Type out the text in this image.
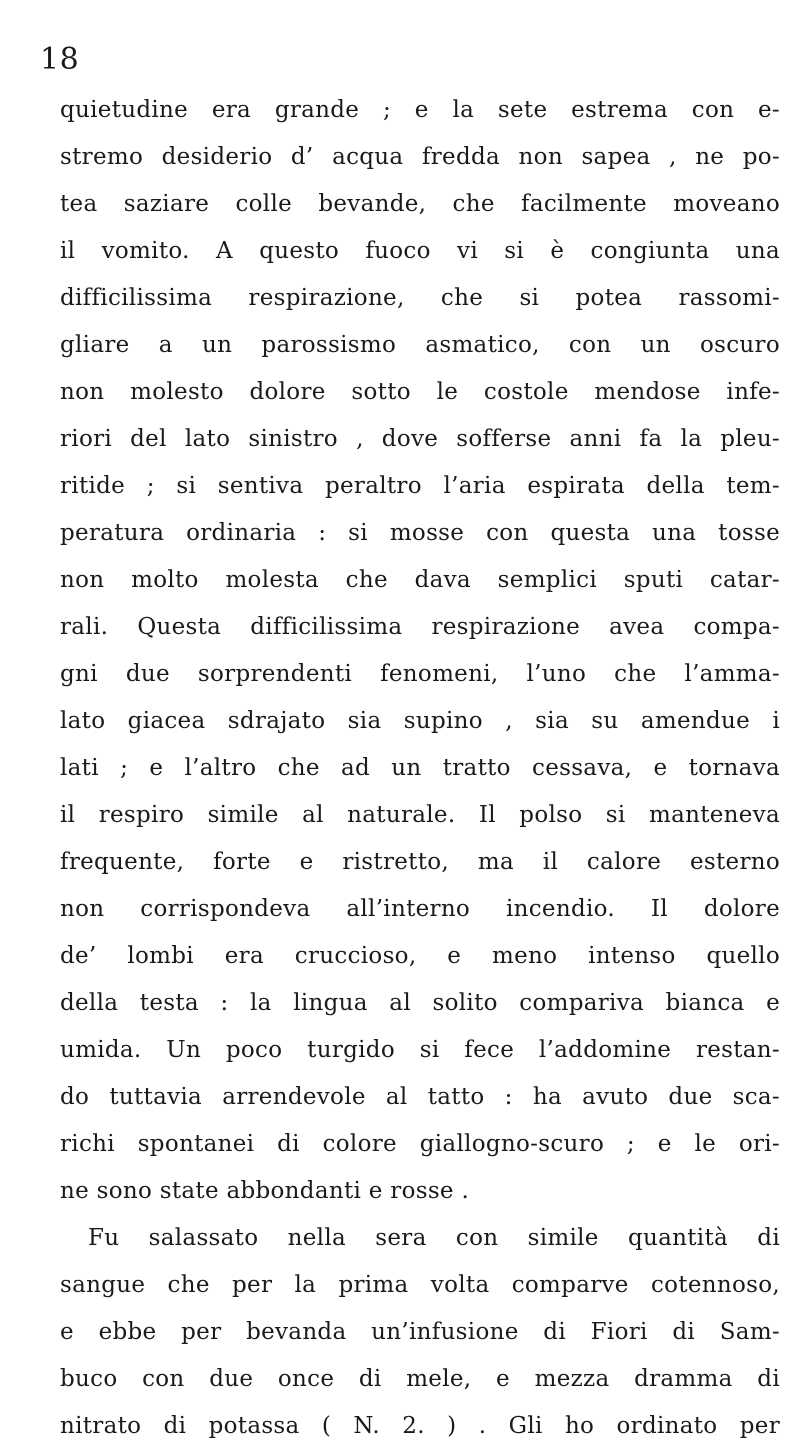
18
quietudine era grande ; e la sete estrema con e-
stremo desiderio d’ acqua fredda non sapea , ne po-
tea saziare colle bevande, che facilmente moveano
il vomito. A questo fuoco vi si è congiunta una
difficilissima respirazione, che si potea rassomi-
gliare a un parossismo asmatico, con un oscuro
non molesto dolore sotto le costole mendose infe-
riori del lato sinistro , dove sofferse anni fa la pleu-
ritide ; si sentiva peraltro l’aria espirata della tem-
peratura ordinaria : si mosse con questa una tosse
non molto molesta che dava semplici sputi catar-
rali. Questa difficilissima respirazione avea compa-
gni due sorprendenti fenomeni, l’uno che l’amma-
lato giacea sdrajato sia supino , sia su amendue i
lati ; e l’altro che ad un tratto cessava, e tornava
il respiro simile al naturale. Il polso si manteneva
frequente, forte e ristretto, ma il calore esterno
non corrispondeva all’interno incendio. Il dolore
de’ lombi era cruccioso, e meno intenso quello
della testa : la lingua al solito compariva bianca e
umida. Un poco turgido si fece l’addomine restan-
do tuttavia arrendevole al tatto : ha avuto due sca-
richi spontanei di colore giallogno-scuro ; e le ori-
ne sono state abbondanti e rosse .
Fu salassato nella sera con simile quantità di
sangue che per la prima volta comparve cotennoso,
e ebbe per bevanda un’infusione di Fiori di Sam-
buco con due once di mele, e mezza dramma di
nitrato di potassa ( N. 2. ) . Gli ho ordinato per
